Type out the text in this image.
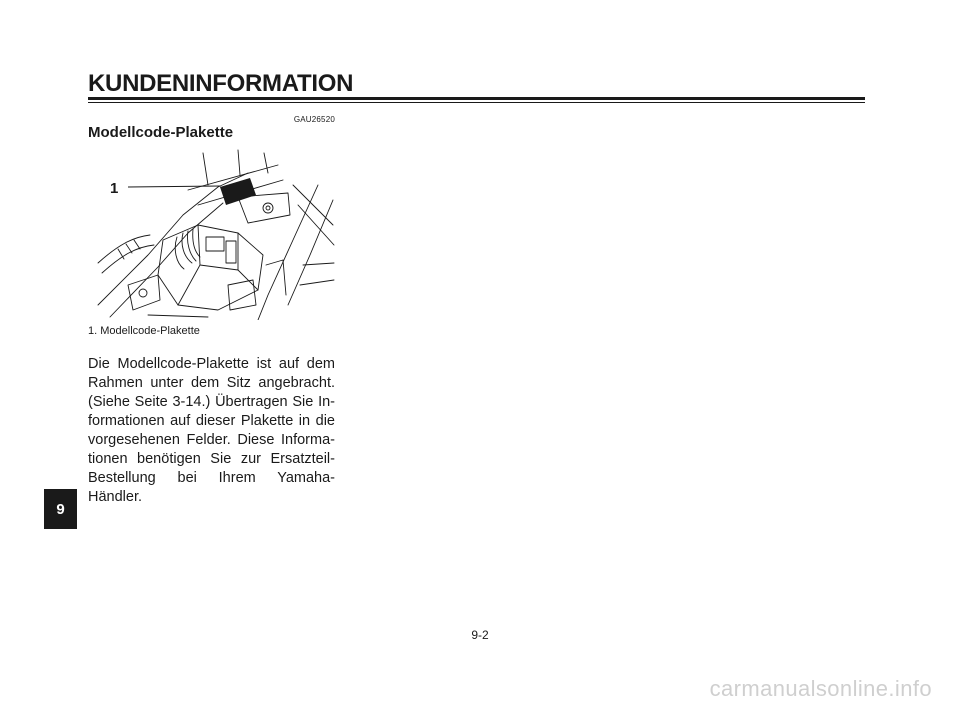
KUNDENINFORMATION
GAU26520
Modellcode-Plakette
1
1. Modellcode-Plakette

Die Modellcode-Plakette ist auf dem Rahmen unter dem Sitz angebracht. (Siehe Seite 3-14.) Übertragen Sie Informationen auf dieser Plakette in die vorgesehenen Felder. Diese Informationen benötigen Sie zur ErsatzteilBestellung bei Ihrem Yamaha-Händler.

9
9-2
carmanualsonline.info
